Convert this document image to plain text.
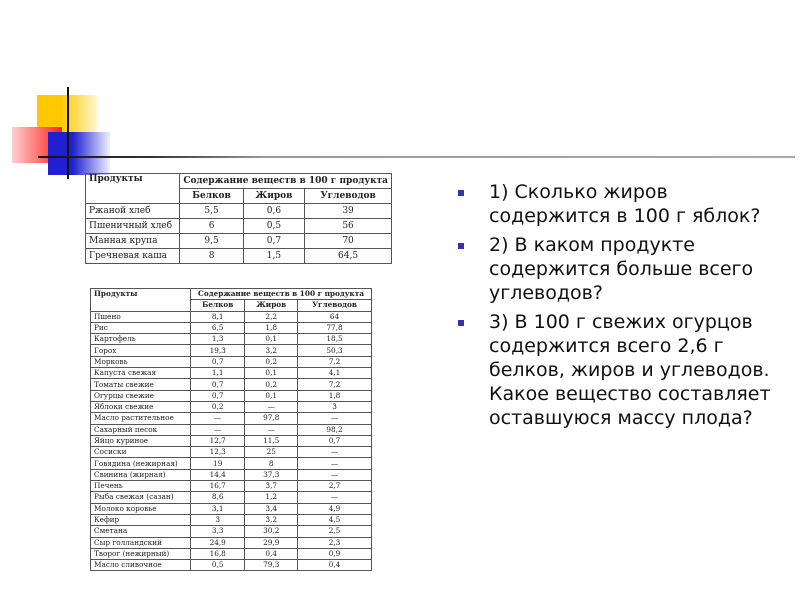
Продукты	Содержание веществ в 100 г продукта		
	Белков	Жиров	Углеводов
Ржаной хлеб	5,5	0,6	39
Пшеничный хлеб	6	0,5	56
Манная крупа	9,5	0,7	70
Гречневая каша	8	1,5	64,5
Продукты	Содержание веществ в 100 г продукта		
	Белков	Жиров	Углеводов
Пшено	8,1	2,2	64
Рис	6,5	1,8	77,8
Картофель	1,3	0,1	18,5
Горох	19,3	3,2	50,3
Морковь	0,7	0,2	7,2
Капуста свежая	1,1	0,1	4,1
Томаты свежие	0,7	0,2	7,2
Огурцы свежие	0,7	0,1	1,8
Яблоки свежие	0,2	—	3
Масло растительное	—	97,8	—
Сахарный песок	—	—	98,2
Яйцо куриное	12,7	11,5	0,7
Сосиски	12,3	25	—
Говядина (нежирная)	19	8	—
Свинина (жирная)	14,4	37,3	—
Печень	16,7	3,7	2,7
Рыба свежая (сазан)	8,6	1,2	—
Молоко коровье	3,1	3,4	4,9
Кефир	3	3,2	4,5
Сметана	3,3	30,2	2,5
Сыр голландский	24,9	29,9	2,3
Творог (нежирный)	16,8	0,4	0,9
Масло сливочное	0,5	79,3	0,4
1) Сколько жиров содержится в 100 г яблок?
2) В каком продукте содержится больше всего углеводов?
3) В 100 г свежих огурцов содержится всего 2,6 г белков, жиров и углеводов. Какое вещество составляет оставшуюся массу плода?
